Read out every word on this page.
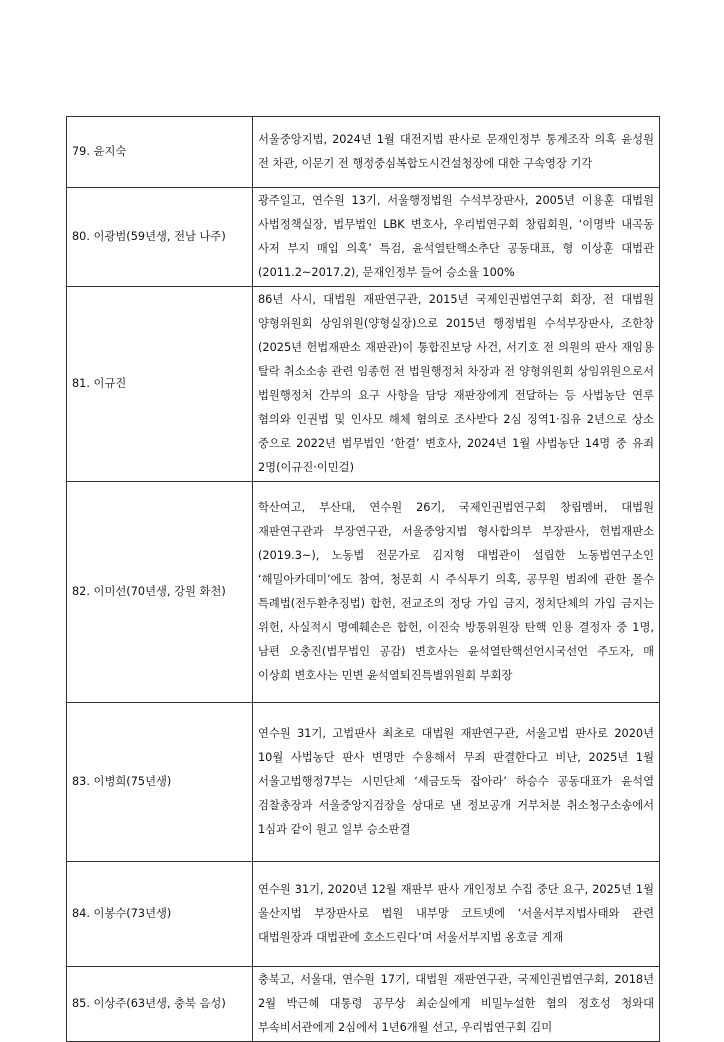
79. 윤지숙	서울중앙지법, 2024년 1월 대전지법 판사로 문재인정부 통계조작 의혹 윤성원 전 차관, 이문기 전 행정중심복합도시건설청장에 대한 구속영장 기각
80. 이광범(59년생, 전남 나주)	광주일고, 연수원 13기, 서울행정법원 수석부장판사, 2005년 이용훈 대법원 사법정책실장, 법무법인 LBK 변호사, 우리법연구회 창립회원, ‘이명박 내곡동 사저 부지 매입 의혹’ 특검, 윤석열탄핵소추단 공동대표, 형 이상훈 대법관(2011.2~2017.2), 문재인정부 들어 승소율 100%
81. 이규진	86년 사시, 대법원 재판연구관, 2015년 국제인권법연구회 회장, 전 대법원 양형위원회 상임위원(양형실장)으로 2015년 행정법원 수석부장판사, 조한창(2025년 헌법재판소 재판관)이 통합진보당 사건, 서기호 전 의원의 판사 재임용 탈락 취소소송 관련 임종헌 전 법원행정처 차장과 전 양형위원회 상임위원으로서 법원행정처 간부의 요구 사항을 담당 재판장에게 전달하는 등 사법농단 연루 혐의와 인권법 및 인사모 해체 혐의로 조사받다 2심 징역1·집유 2년으로 상소 중으로 2022년 법무법인 ‘한결’ 변호사, 2024년 1월 사법농단 14명 중 유죄 2명(이규진·이민걸)
82. 이미선(70년생, 강원 화천)	학산여고, 부산대, 연수원 26기, 국제인권법연구회 창립멤버, 대법원 재판연구관과 부장연구관, 서울중앙지법 형사합의부 부장판사, 헌법재판소(2019.3~), 노동법 전문가로 김지형 대법관이 설립한 노동법연구소인 ‘해밀아카데미’에도 참여, 청문회 시 주식투기 의혹, 공무원 범죄에 관한 몰수 특례법(전두환추징법) 합헌, 전교조의 정당 가입 금지, 정치단체의 가입 금지는 위헌, 사실적시 명예훼손은 합헌, 이진숙 방통위원장 탄핵 인용 결정자 중 1명, 남편 오충진(법무법인 공감) 변호사는 윤석열탄핵선언시국선언 주도자, 매 이상희 변호사는 민변 윤석열퇴진특별위원회 부회장
83. 이병희(75년생)	연수원 31기, 고법판사 최초로 대법원 재판연구관, 서울고법 판사로 2020년 10월 사법농단 판사 변명만 수용해서 무죄 판결한다고 비난, 2025년 1월 서울고법행정7부는 시민단체 ‘세금도둑 잡아라’ 하승수 공동대표가 윤석열 검찰총장과 서울중앙지검장을 상대로 낸 정보공개 거부처분 취소청구소송에서 1심과 같이 원고 일부 승소판결
84. 이봉수(73년생)	연수원 31기, 2020년 12월 재판부 판사 개인정보 수집 중단 요구, 2025년 1월 울산지법 부장판사로 법원 내부망 코트넷에 ‘서울서부지법사태와 관련 대법원장과 대법관에 호소드린다’며 서울서부지법 옹호글 게재
85. 이상주(63년생, 충북 음성)	충북고, 서울대, 연수원 17기, 대법원 재판연구관, 국제인권법연구회, 2018년 2월 박근혜 대통령 공무상 최순실에게 비밀누설한 혐의 정호성 청와대 부속비서관에게 2심에서 1년6개월 선고, 우리법연구회 김미
